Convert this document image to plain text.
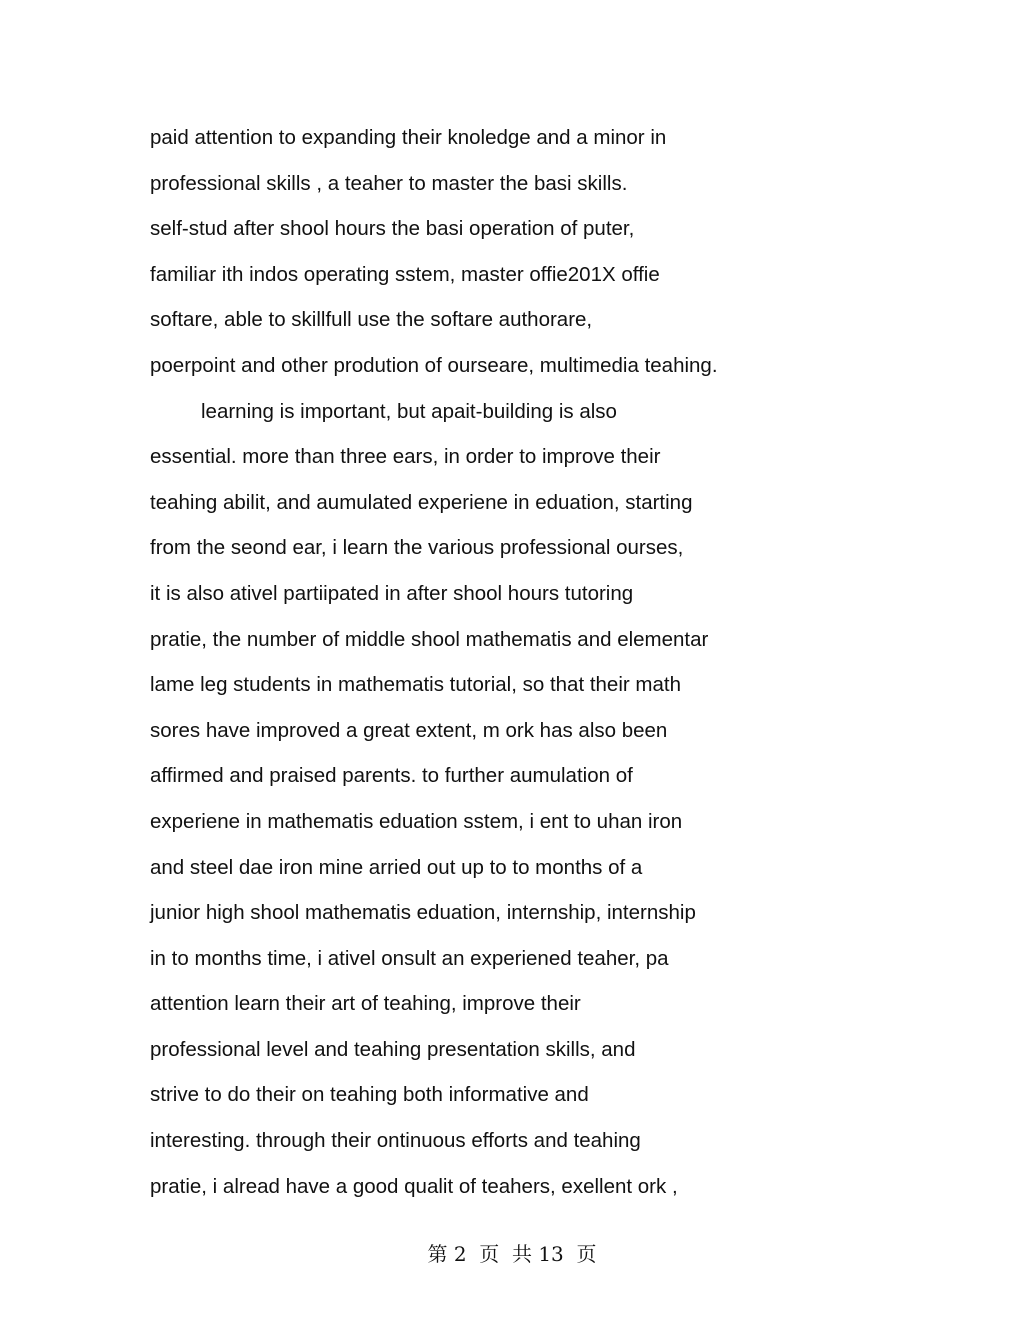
paid attention to expanding their knoledge and a minor in
professional skills , a teaher to master the basi skills.
self-stud after shool hours the basi operation of puter,
familiar ith indos operating sstem, master offie201X offie
softare, able to skillfull use the softare authorare,
poerpoint and other prodution of ourseare, multimedia teahing.
learning is important, but apait-building is also
essential. more than three ears, in order to improve their
teahing abilit, and aumulated experiene in eduation, starting
from the seond ear, i learn the various professional ourses,
it is also ativel partiipated in after shool hours tutoring
pratie, the number of middle shool mathematis and elementar
lame leg students in mathematis tutorial, so that their math
sores have improved a great extent, m ork has also been
affirmed and praised parents. to further aumulation of
experiene in mathematis eduation sstem, i ent to uhan iron
and steel dae iron mine arried out up to to months of a
junior high shool mathematis eduation, internship, internship
in to months time, i ativel onsult an experiened teaher, pa
attention learn their art of teahing, improve their
professional level and teahing presentation skills, and
strive to do their on teahing both informative and
interesting. through their ontinuous efforts and teahing
pratie, i alread have a good qualit of teahers, exellent ork ,
第 2  页  共 13  页
